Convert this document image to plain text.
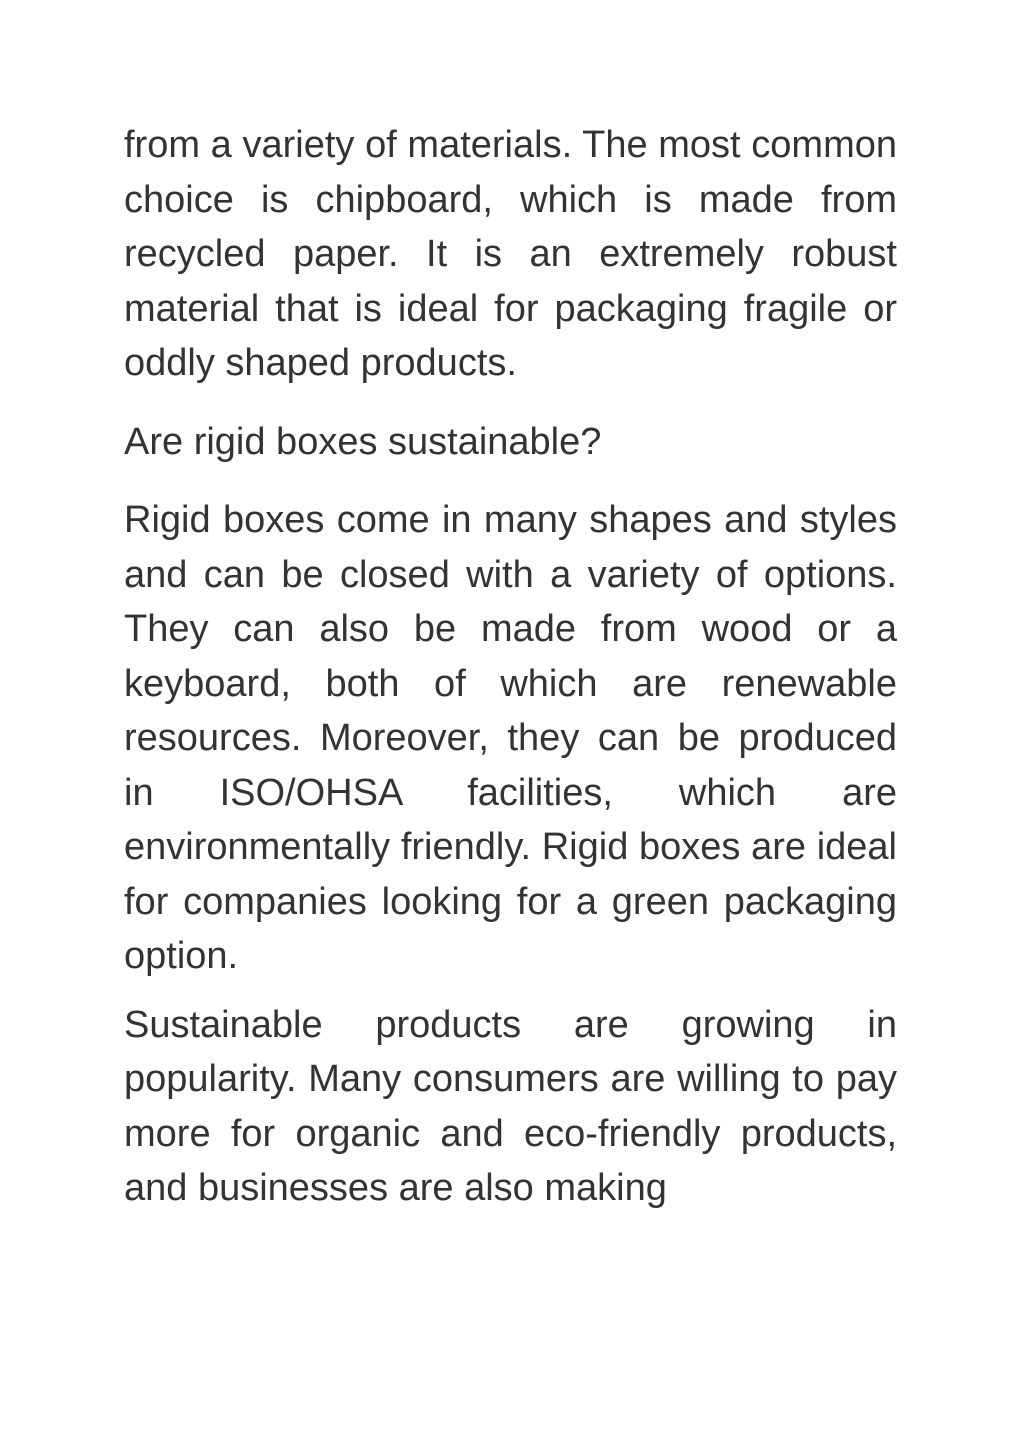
from a variety of materials. The most common choice is chipboard, which is made from recycled paper. It is an extremely robust material that is ideal for packaging fragile or oddly shaped products.

Are rigid boxes sustainable?

Rigid boxes come in many shapes and styles and can be closed with a variety of options. They can also be made from wood or a keyboard, both of which are renewable resources. Moreover, they can be produced in ISO/OHSA facilities, which are environmentally friendly. Rigid boxes are ideal for companies looking for a green packaging option.

Sustainable products are growing in popularity. Many consumers are willing to pay more for organic and eco-friendly products, and businesses are also making
